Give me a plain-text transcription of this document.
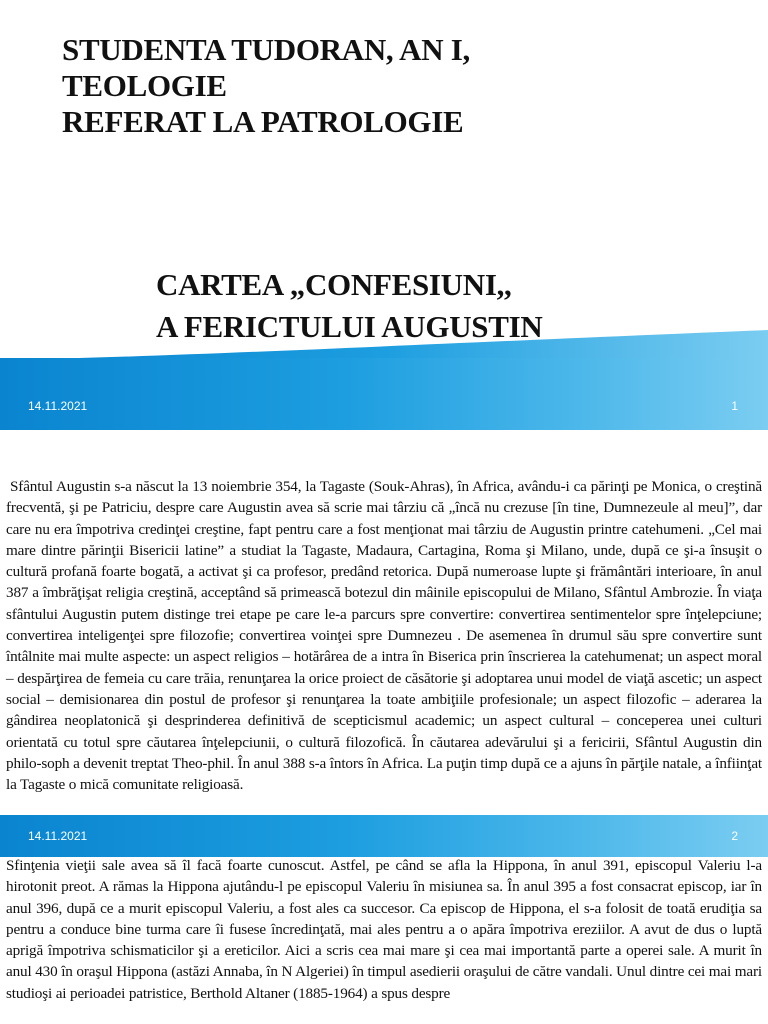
STUDENTA TUDORAN, AN I,
TEOLOGIE
REFERAT LA PATROLOGIE
CARTEA „CONFESIUNI,,
A FERICTULUI AUGUSTIN
14.11.2021	1

Sfântul Augustin s-a născut la 13 noiembrie 354, la Tagaste (Souk-Ahras), în Africa, avându-i ca părinţi pe Monica, o creştină frecventă, şi pe Patriciu, despre care Augustin avea să scrie mai târziu că „încă nu crezuse [în tine, Dumnezeule al meu]”, dar care nu era împotriva credinţei creştine, fapt pentru care a fost menţionat mai târziu de Augustin printre catehumeni. „Cel mai mare dintre părinţii Bisericii latine” a studiat la Tagaste, Madaura, Cartagina, Roma şi Milano, unde, după ce şi-a însuşit o cultură profană foarte bogată, a activat şi ca profesor, predând retorica. După numeroase lupte şi frământări interioare, în anul 387 a îmbrăţişat religia creştină, acceptând să primească botezul din mâinile episcopului de Milano, Sfântul Ambrozie. În viaţa sfântului Augustin putem distinge trei etape pe care le-a parcurs spre convertire: convertirea sentimentelor spre înţelepciune; convertirea inteligenţei spre filozofie; convertirea voinţei spre Dumnezeu . De asemenea în drumul său spre convertire sunt întâlnite mai multe aspecte: un aspect religios – hotărârea de a intra în Biserica prin înscrierea la catehumenat; un aspect moral – despărţirea de femeia cu care trăia, renunţarea la orice proiect de căsătorie şi adoptarea unui model de viaţă ascetic; un aspect social – demisionarea din postul de profesor şi renunţarea la toate ambiţiile profesionale; un aspect filozofic – aderarea la gândirea neoplatonică şi desprinderea definitivă de scepticismul academic; un aspect cultural – conceperea unei culturi orientată cu totul spre căutarea înţelepciunii, o cultură filozofică. În căutarea adevărului şi a fericirii, Sfântul Augustin din philo-soph a devenit treptat Theo-phil. În anul 388 s-a întors în Africa. La puţin timp după ce a ajuns în părţile natale, a înfiinţat la Tagaste o mică comunitate religioasă.

14.11.2021	2

Sfinţenia vieţii sale avea să îl facă foarte cunoscut. Astfel, pe când se afla la Hippona, în anul 391, episcopul Valeriu l-a hirotonit preot. A rămas la Hippona ajutându-l pe episcopul Valeriu în misiunea sa. În anul 395 a fost consacrat episcop, iar în anul 396, după ce a murit episcopul Valeriu, a fost ales ca succesor. Ca episcop de Hippona, el s-a folosit de toată erudiţia sa pentru a conduce bine turma care îi fusese încredinţată, mai ales pentru a o apăra împotriva ereziilor. A avut de dus o luptă aprigă împotriva schismaticilor şi a ereticilor. Aici a scris cea mai mare şi cea mai importantă parte a operei sale. A murit în anul 430 în oraşul Hippona (astăzi Annaba, în N Algeriei) în timpul asedierii oraşului de către vandali. Unul dintre cei mai mari studioşi ai perioadei patristice, Berthold Altaner (1885-1964) a spus despre
